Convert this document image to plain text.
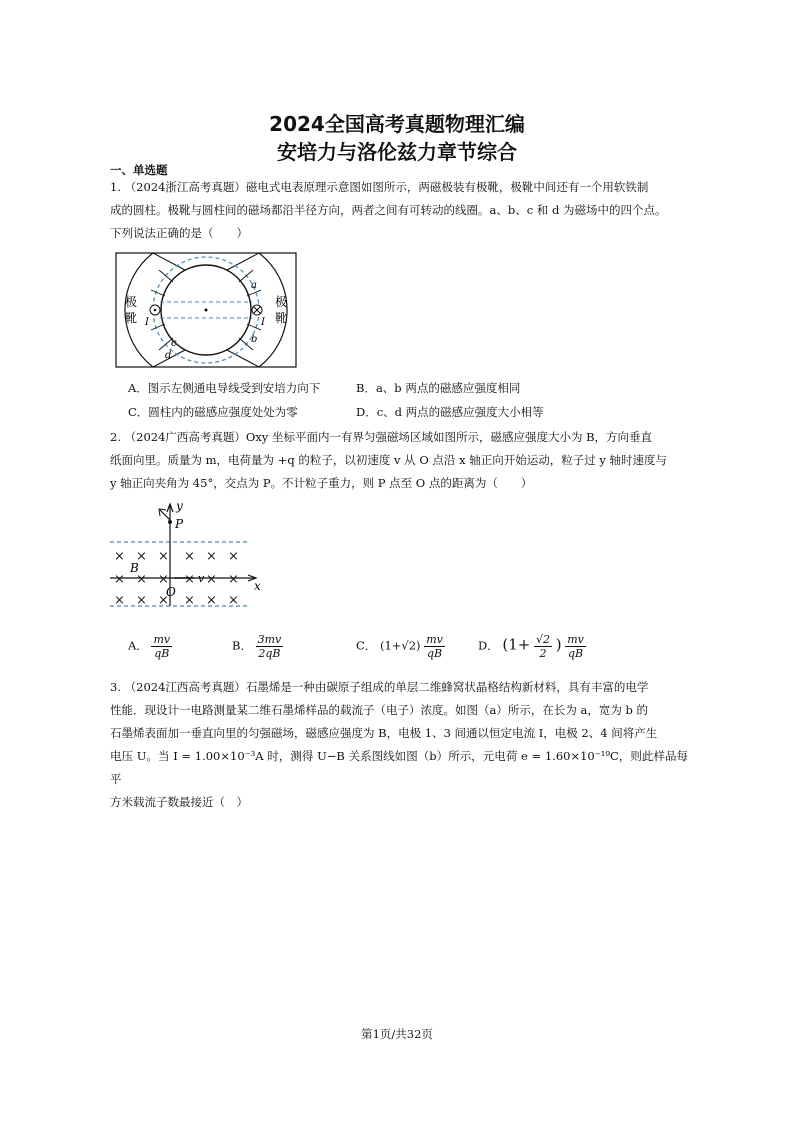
2024全国高考真题物理汇编
安培力与洛伦兹力章节综合
一、单选题
1. （2024浙江高考真题）磁电式电表原理示意图如图所示，两磁极装有极靴，极靴中间还有一个用软铁制
成的圆柱。极靴与圆柱间的磁场都沿半径方向，两者之间有可转动的线圈。a、b、c 和 d 为磁场中的四个点。
下列说法正确的是（　　）
极
靴
极
靴
a
b
c
d
I	I
A．图示左侧通电导线受到安培力向下	B．a、b 两点的磁感应强度相同
C．圆柱内的磁感应强度处处为零	D．c、d 两点的磁感应强度大小相等
2. （2024广西高考真题）Oxy 坐标平面内一有界匀强磁场区域如图所示，磁感应强度大小为 B，方向垂直
纸面向里。质量为 m，电荷量为 +q 的粒子，以初速度 v 从 O 点沿 x 轴正向开始运动，粒子过 y 轴时速度与
y 轴正向夹角为 45°，交点为 P。不计粒子重力，则 P 点至 O 点的距离为（　　）
× × × × × ×
× × × × × ×
× × × × × ×
y
x
P
B
O
v
A． $\frac{mv}{qB}$	B． $\frac{3mv}{2qB}$	C． $(1+√2) \frac{mv}{qB}$	D． ($1+ \frac{√2}{2}$ ) $\frac{mv}{qB}$
3. （2024江西高考真题）石墨烯是一种由碳原子组成的单层二维蜂窝状晶格结构新材料，具有丰富的电学
性能．现设计一电路测量某二维石墨烯样品的载流子（电子）浓度。如图（a）所示，在长为 a，宽为 b 的
石墨烯表面加一垂直向里的匀强磁场，磁感应强度为 B，电极 1、3 间通以恒定电流 I，电极 2、4 间将产生
电压 U。当 I = 1.00×10⁻³A 时，测得 U−B 关系图线如图（b）所示，元电荷 e = 1.60×10⁻¹⁹C，则此样品每平
方米载流子数最接近（　）
第1页/共32页
